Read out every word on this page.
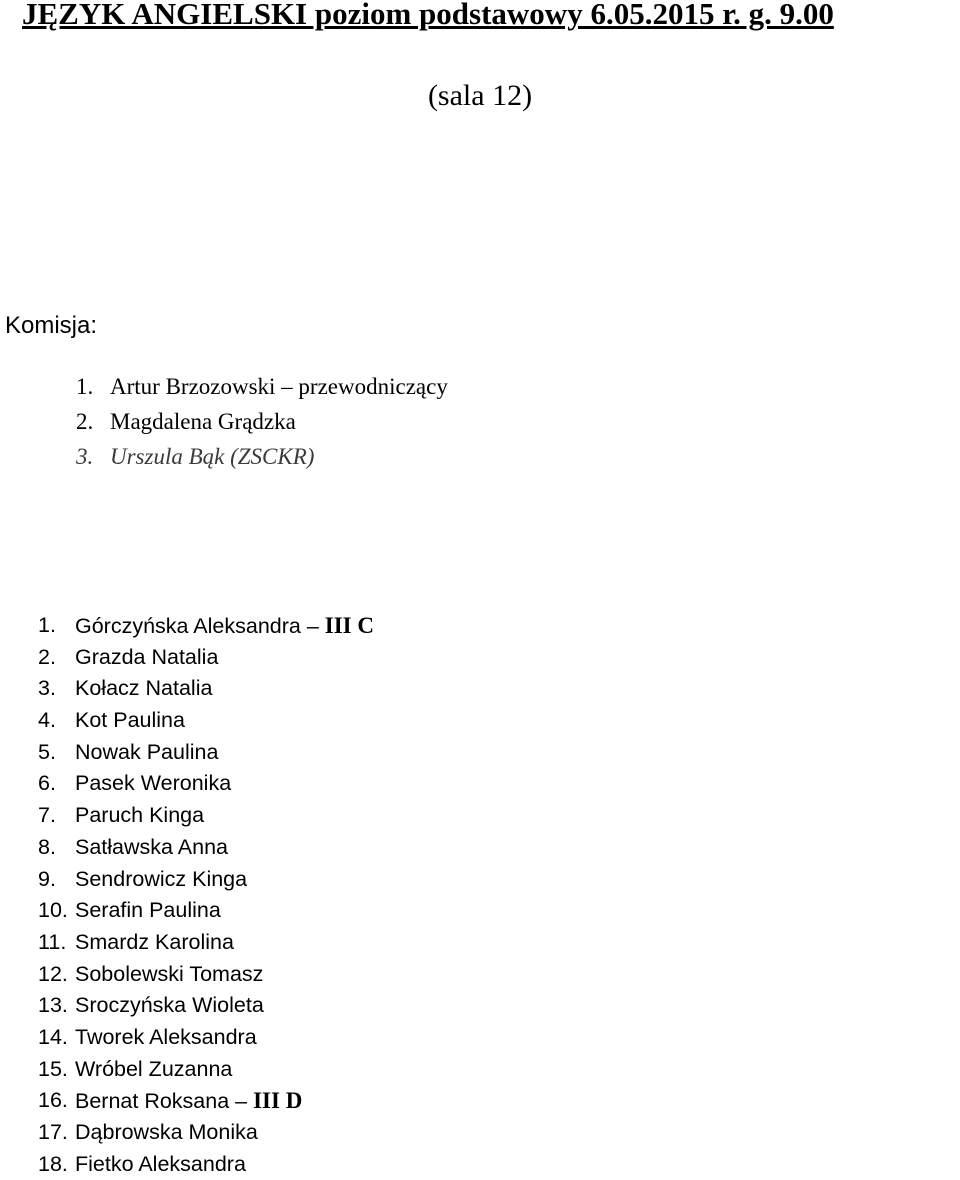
JĘZYK ANGIELSKI poziom podstawowy 6.05.2015 r. g. 9.00

(sala 12)

Komisja:

1. Artur Brzozowski – przewodniczący
2. Magdalena Grądzka
3. Urszula Bąk (ZSCKR)
1. Górczyńska Aleksandra – III C
2. Grazda Natalia
3. Kołacz Natalia
4. Kot Paulina
5. Nowak Paulina
6. Pasek Weronika
7. Paruch Kinga
8. Satławska Anna
9. Sendrowicz Kinga
10. Serafin Paulina
11. Smardz Karolina
12. Sobolewski Tomasz
13. Sroczyńska Wioleta
14. Tworek Aleksandra
15. Wróbel Zuzanna
16. Bernat Roksana – III D
17. Dąbrowska Monika
18. Fietko Aleksandra
